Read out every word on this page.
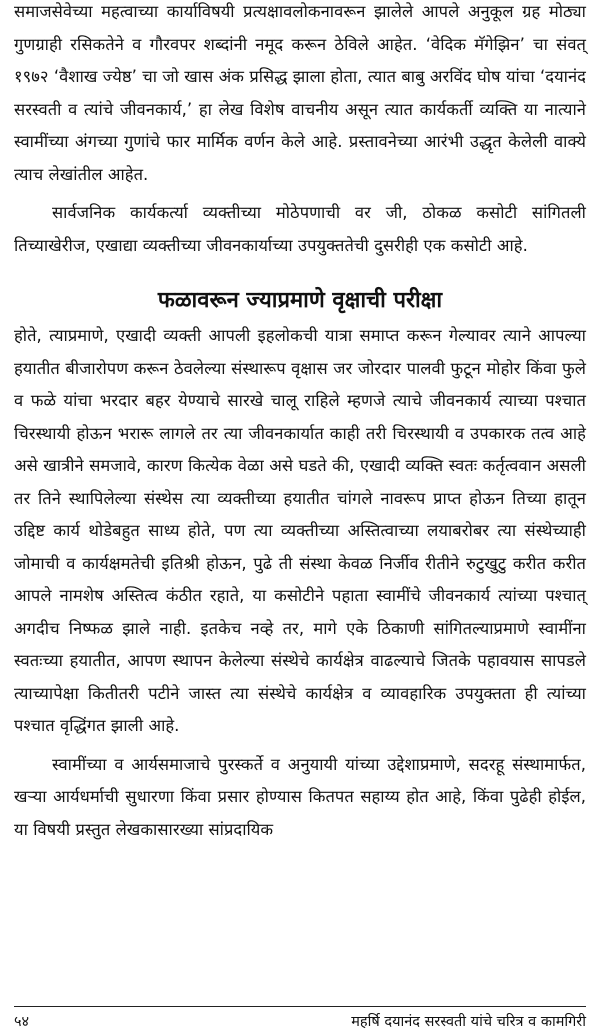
समाजसेवेच्या महत्वाच्या कार्याविषयी प्रत्यक्षावलोकनावरून झालेले आपले अनुकूल ग्रह मोठ्या गुणग्राही रसिकतेने व गौरवपर शब्दांनी नमूद करून ठेविले आहेत. ‘वेदिक मॅगेझिन’ चा संवत् १९७२ ‘वैशाख ज्येष्ठ’ चा जो खास अंक प्रसिद्ध झाला होता, त्यात बाबु अरविंद घोष यांचा ‘दयानंद सरस्वती व त्यांचे जीवनकार्य,’ हा लेख विशेष वाचनीय असून त्यात कार्यकर्ती व्यक्ति या नात्याने स्वामींच्या अंगच्या गुणांचे फार मार्मिक वर्णन केले आहे. प्रस्तावनेच्या आरंभी उद्धृत केलेली वाक्ये त्याच लेखांतील आहेत.

सार्वजनिक कार्यकर्त्या व्यक्तीच्या मोठेपणाची वर जी, ठोकळ कसोटी सांगितली तिच्याखेरीज, एखाद्या व्यक्तीच्या जीवनकार्याच्या उपयुक्ततेची दुसरीही एक कसोटी आहे.

फळावरून ज्याप्रमाणे वृक्षाची परीक्षा

होते, त्याप्रमाणे, एखादी व्यक्ती आपली इहलोकची यात्रा समाप्त करून गेल्यावर त्याने आपल्या हयातीत बीजारोपण करून ठेवलेल्या संस्थारूप वृक्षास जर जोरदार पालवी फुटून मोहोर किंवा फुले व फळे यांचा भरदार बहर येण्याचे सारखे चालू राहिले म्हणजे त्याचे जीवनकार्य त्याच्या पश्चात चिरस्थायी होऊन भरारू लागले तर त्या जीवनकार्यात काही तरी चिरस्थायी व उपकारक तत्व आहे असे खात्रीने समजावे, कारण कित्येक वेळा असे घडते की, एखादी व्यक्ति स्वतः कर्तृत्ववान असली तर तिने स्थापिलेल्या संस्थेस त्या व्यक्तीच्या हयातीत चांगले नावरूप प्राप्त होऊन तिच्या हातून उद्दिष्ट कार्य थोडेबहुत साध्य होते, पण त्या व्यक्तीच्या अस्तित्वाच्या लयाबरोबर त्या संस्थेच्याही जोमाची व कार्यक्षमतेची इतिश्री होऊन, पुढे ती संस्था केवळ निर्जीव रीतीने रुटुखुटु करीत करीत आपले नामशेष अस्तित्व कंठीत रहाते, या कसोटीने पहाता स्वामींचे जीवनकार्य त्यांच्या पश्चात् अगदीच निष्फळ झाले नाही. इतकेच नव्हे तर, मागे एके ठिकाणी सांगितल्याप्रमाणे स्वामींना स्वतःच्या हयातीत, आपण स्थापन केलेल्या संस्थेचे कार्यक्षेत्र वाढल्याचे जितके पहावयास सापडले त्याच्यापेक्षा कितीतरी पटीने जास्त त्या संस्थेचे कार्यक्षेत्र व व्यावहारिक उपयुक्तता ही त्यांच्या पश्चात वृद्धिंगत झाली आहे.

स्वामींच्या व आर्यसमाजाचे पुरस्कर्ते व अनुयायी यांच्या उद्देशाप्रमाणे, सदरहू संस्थामार्फत, खऱ्या आर्यधर्माची सुधारणा किंवा प्रसार होण्यास कितपत सहाय्य होत आहे, किंवा पुढेही होईल, या विषयी प्रस्तुत लेखकासारख्या सांप्रदायिक

५४	महर्षि दयानंद सरस्वती यांचे चरित्र व कामगिरी
